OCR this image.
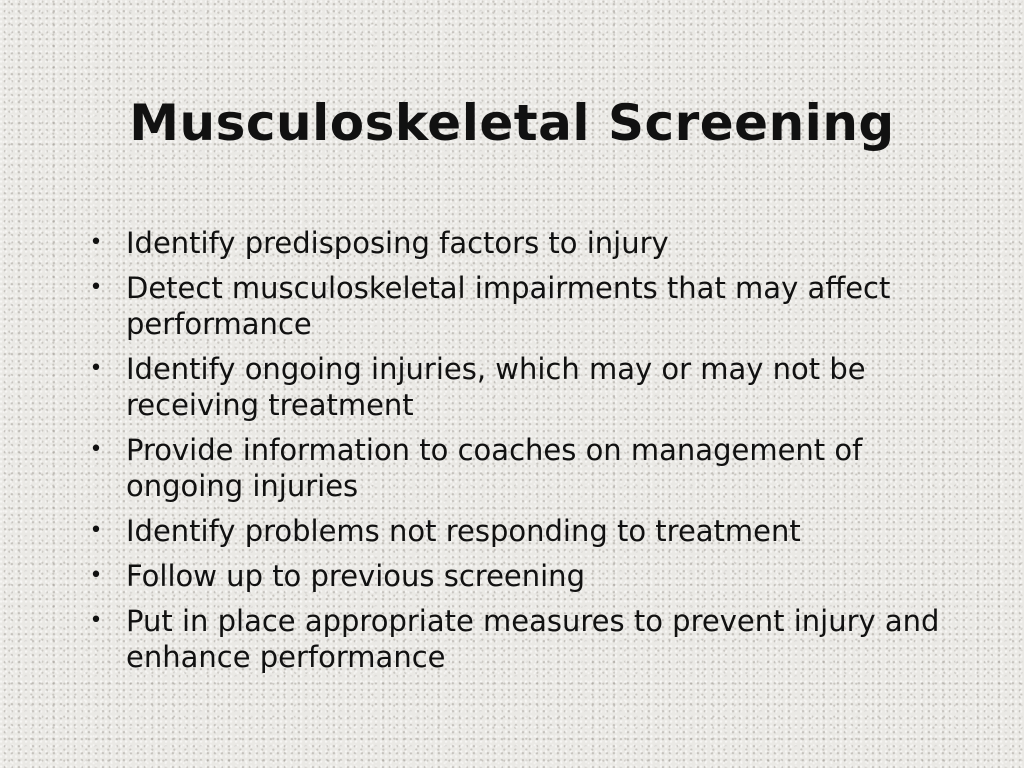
Musculoskeletal Screening
• Identify predisposing factors to injury
• Detect musculoskeletal impairments that may affect performance
• Identify ongoing injuries, which may or may not be receiving treatment
• Provide information to coaches on management of ongoing injuries
• Identify problems not responding to treatment
• Follow up to previous screening
• Put in place appropriate measures to prevent injury and enhance performance
